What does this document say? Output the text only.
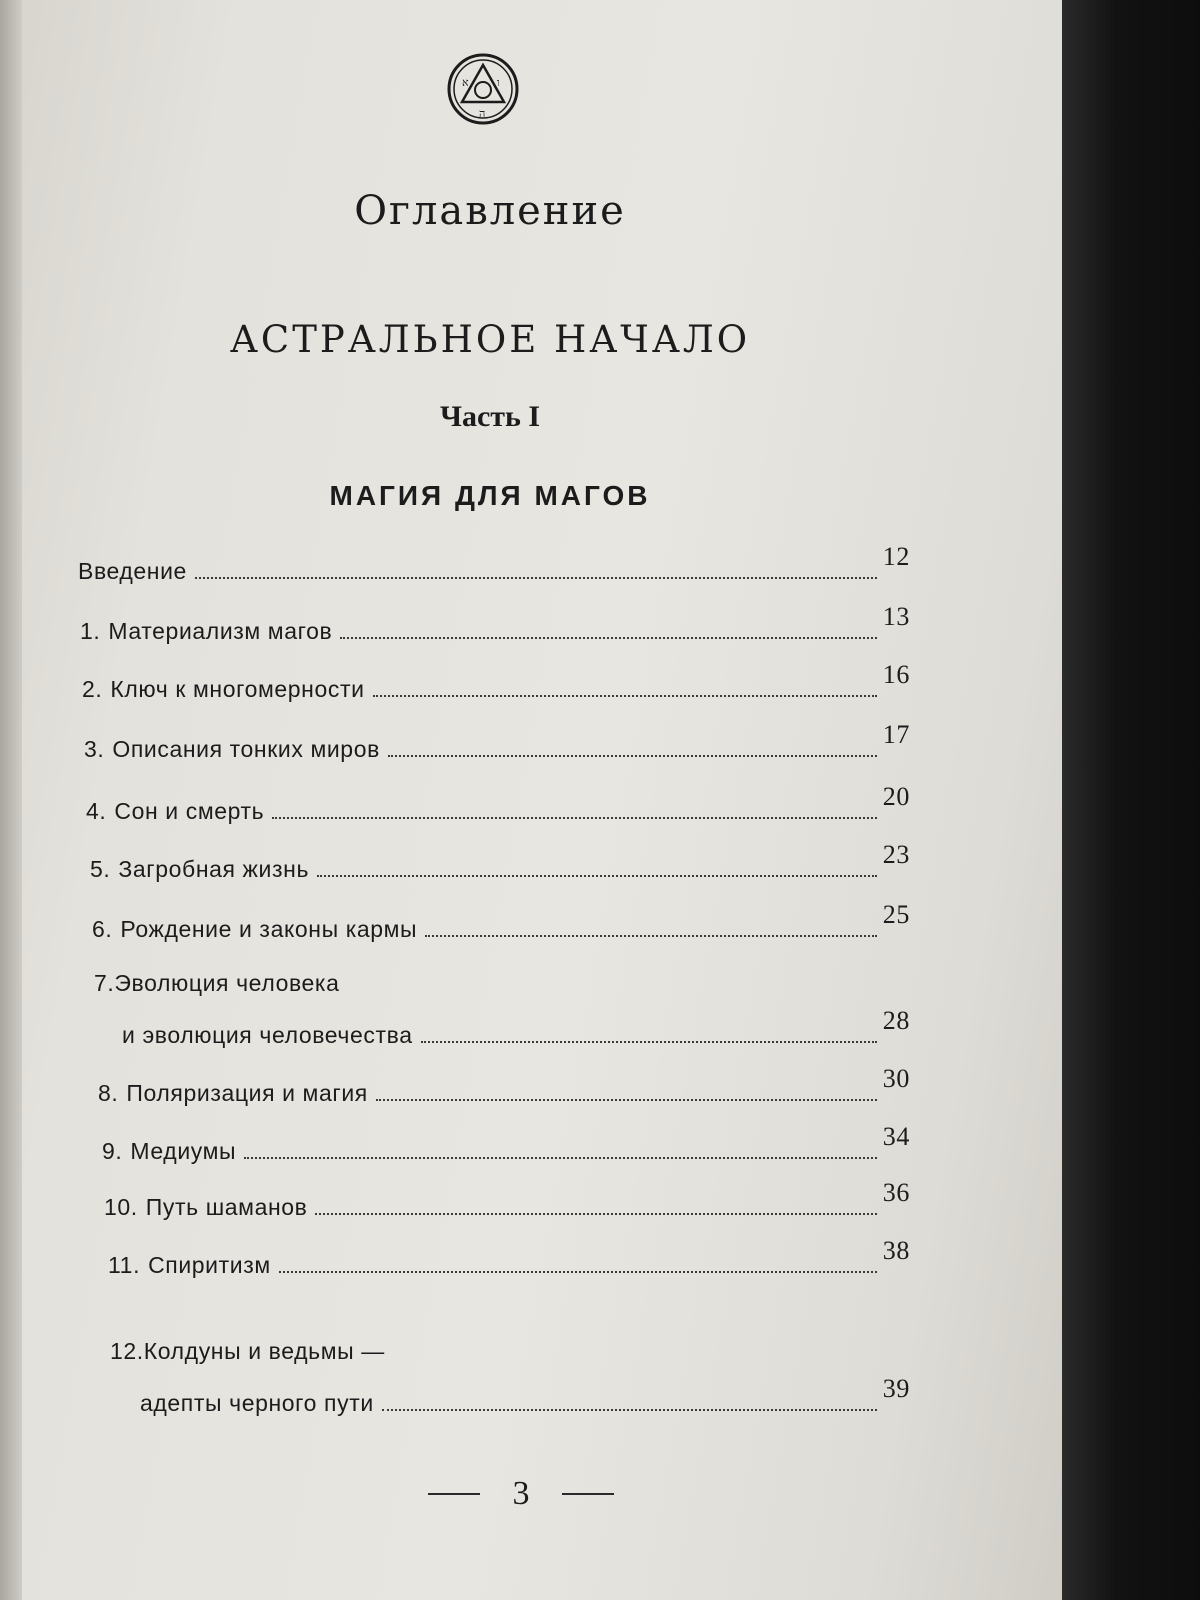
א	ו
ה
Оглавление
АСТРАЛЬНОЕ НАЧАЛО
Часть I
МАГИЯ ДЛЯ МАГОВ
Введение	12
1. Материализм магов	13
2. Ключ к многомерности	16
3. Описания тонких миров	17
4. Сон и смерть	20
5. Загробная жизнь	23
6. Рождение и законы кармы	25
7.Эволюция человека
и эволюция человечества	28
8. Поляризация и магия	30
9. Медиумы	34
10. Путь шаманов	36
11. Спиритизм	38
12.Колдуны и ведьмы —
адепты черного пути	39
3
